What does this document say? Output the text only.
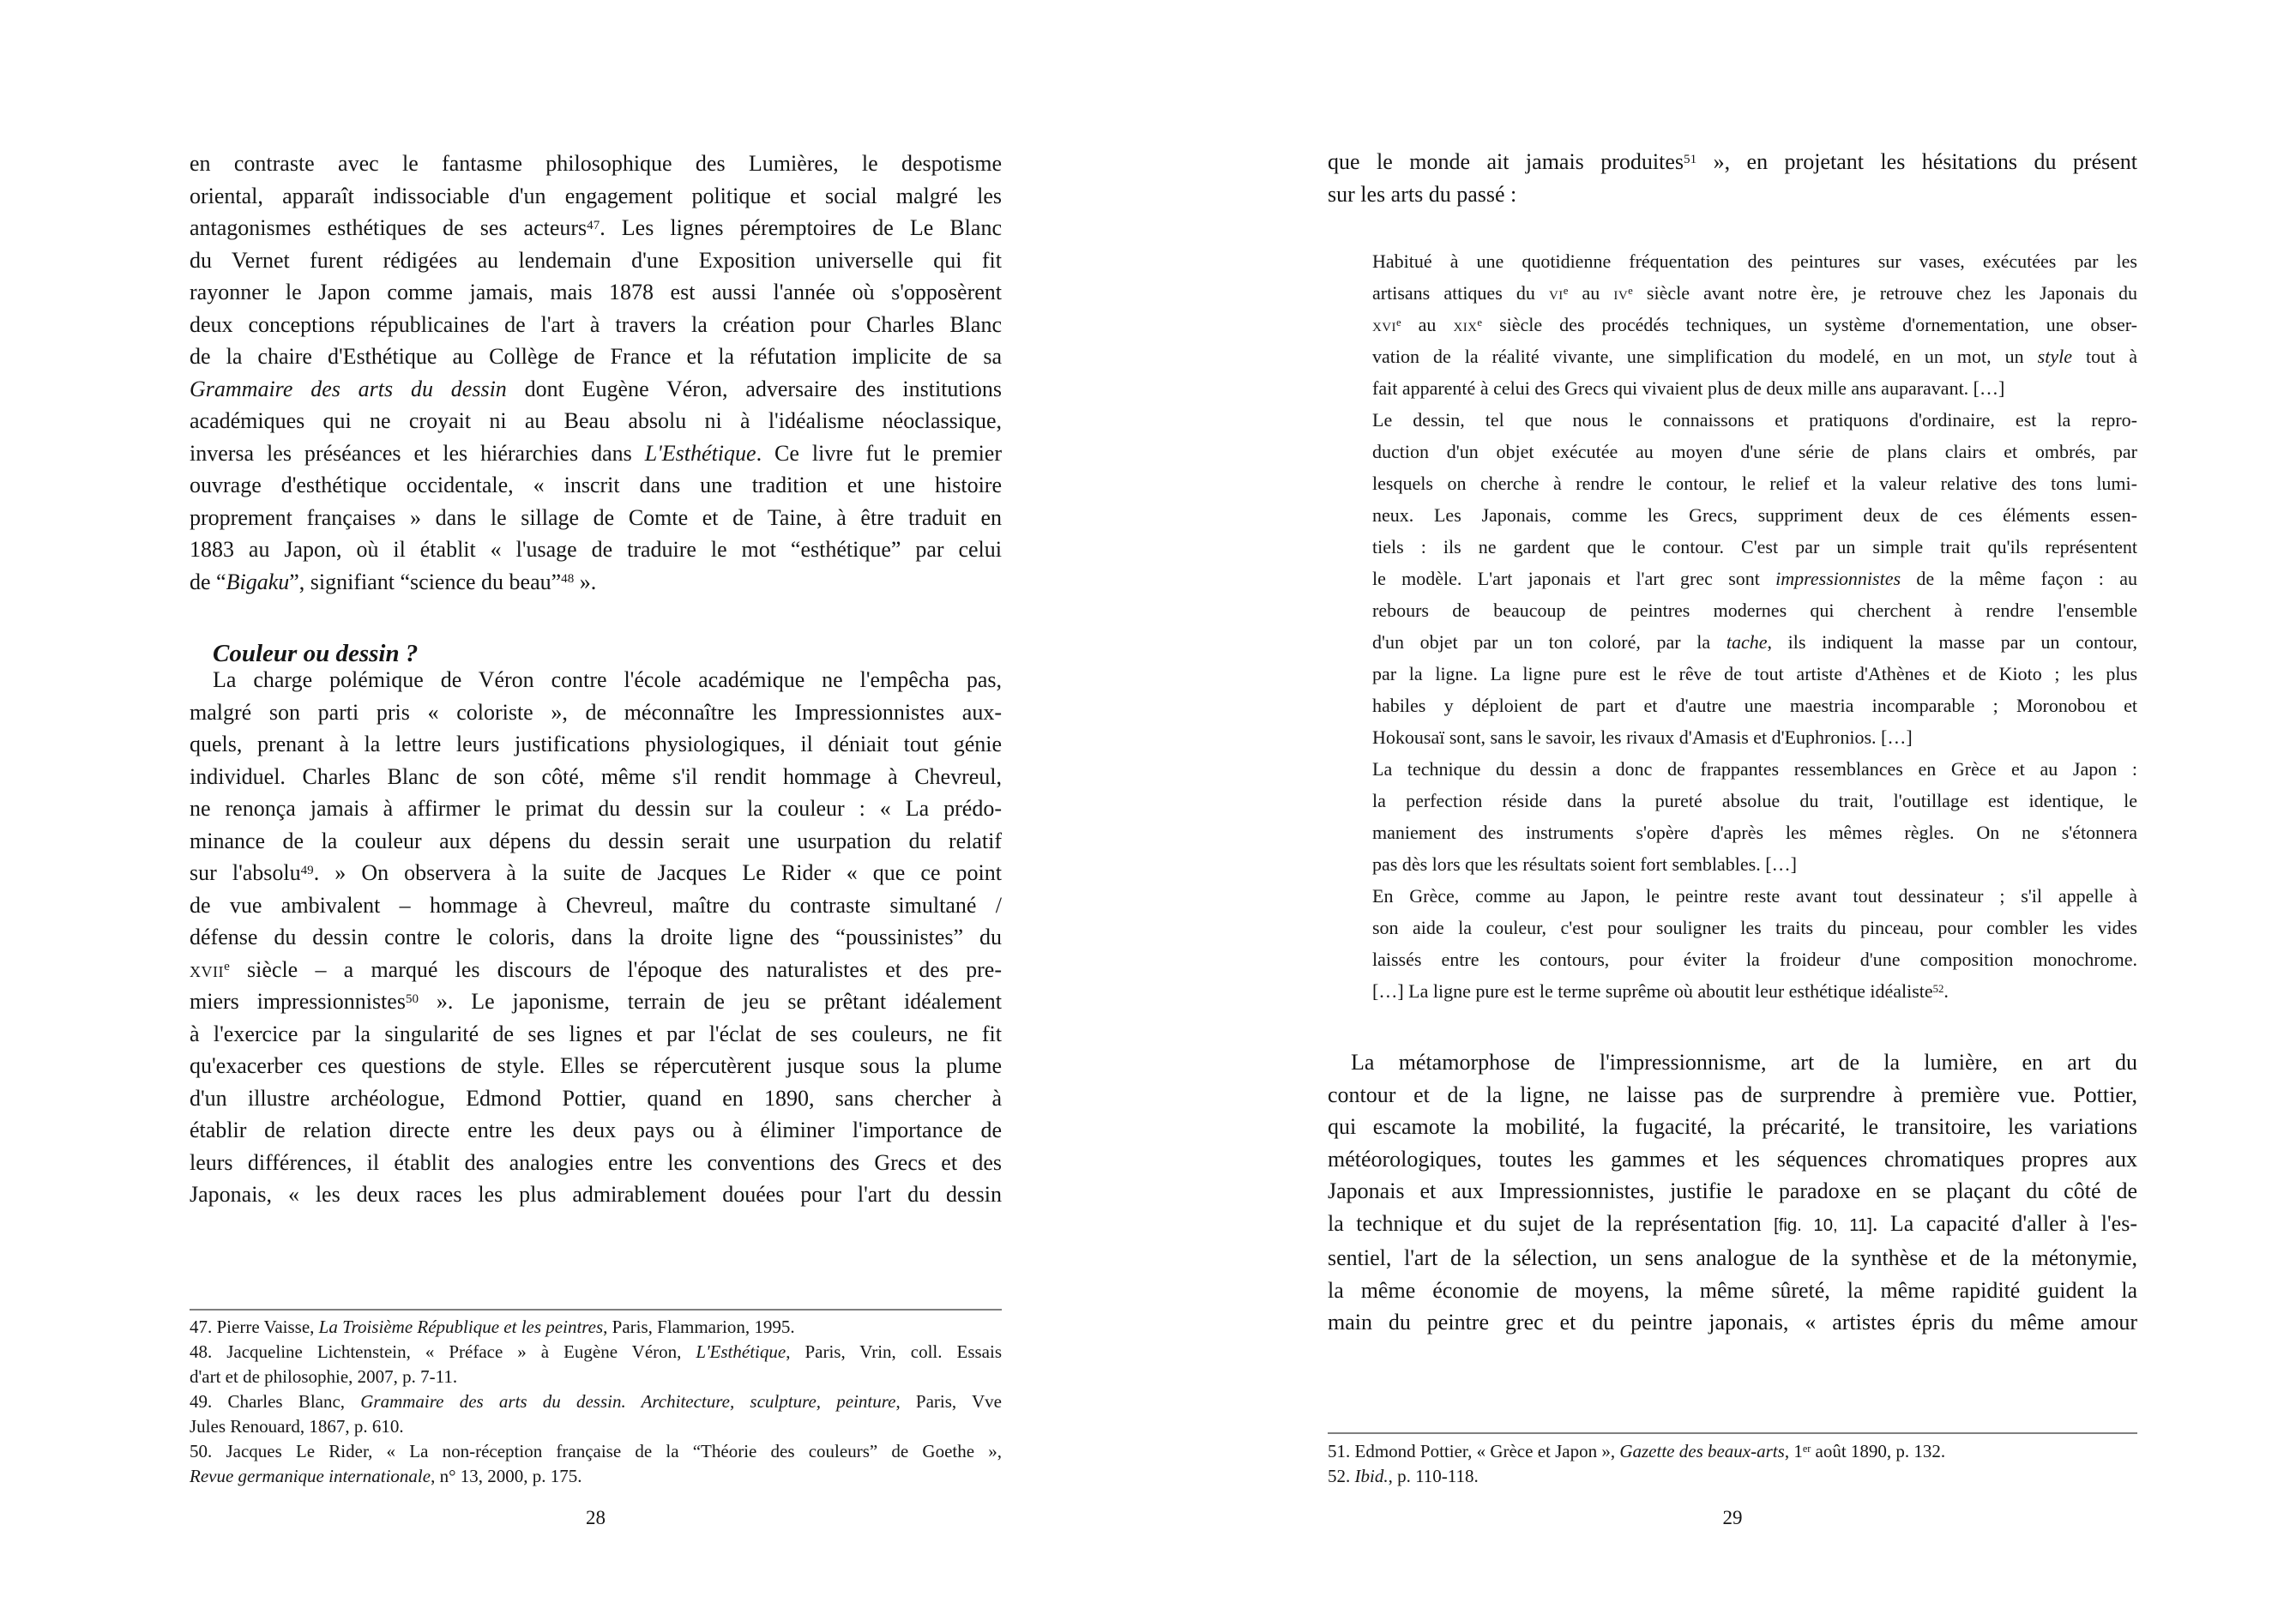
en contraste avec le fantasme philosophique des Lumières, le despotisme
oriental, apparaît indissociable d'un engagement politique et social malgré les
antagonismes esthétiques de ses acteurs$^{47}$. Les lignes péremptoires de Le Blanc
du Vernet furent rédigées au lendemain d'une Exposition universelle qui fit
rayonner le Japon comme jamais, mais 1878 est aussi l'année où s'opposèrent
deux conceptions républicaines de l'art à travers la création pour Charles Blanc
de la chaire d'Esthétique au Collège de France et la réfutation implicite de sa
Grammaire des arts du dessin dont Eugène Véron, adversaire des institutions
académiques qui ne croyait ni au Beau absolu ni à l'idéalisme néoclassique,
inversa les préséances et les hiérarchies dans L'Esthétique. Ce livre fut le premier
ouvrage d'esthétique occidentale, « inscrit dans une tradition et une histoire
proprement françaises » dans le sillage de Comte et de Taine, à être traduit en
1883 au Japon, où il établit « l'usage de traduire le mot “esthétique” par celui
de “Bigaku”, signifiant “science du beau”$^{48}$ ».
Couleur ou dessin ?
La charge polémique de Véron contre l'école académique ne l'empêcha pas,
malgré son parti pris « coloriste », de méconnaître les Impressionnistes aux-
quels, prenant à la lettre leurs justifications physiologiques, il déniait tout génie
individuel. Charles Blanc de son côté, même s'il rendit hommage à Chevreul,
ne renonça jamais à affirmer le primat du dessin sur la couleur : « La prédo-
minance de la couleur aux dépens du dessin serait une usurpation du relatif
sur l'absolu$^{49}$. » On observera à la suite de Jacques Le Rider « que ce point
de vue ambivalent – hommage à Chevreul, maître du contraste simultané /
défense du dessin contre le coloris, dans la droite ligne des “poussinistes” du
xvii$^e$ siècle – a marqué les discours de l'époque des naturalistes et des pre-
miers impressionnistes$^{50}$ ». Le japonisme, terrain de jeu se prêtant idéalement
à l'exercice par la singularité de ses lignes et par l'éclat de ses couleurs, ne fit
qu'exacerber ces questions de style. Elles se répercutèrent jusque sous la plume
d'un illustre archéologue, Edmond Pottier, quand en 1890, sans chercher à
établir de relation directe entre les deux pays ou à éliminer l'importance de
leurs différences, il établit des analogies entre les conventions des Grecs et des
Japonais, « les deux races les plus admirablement douées pour l'art du dessin
47. Pierre Vaisse, La Troisième République et les peintres, Paris, Flammarion, 1995.
48. Jacqueline Lichtenstein, « Préface » à Eugène Véron, L'Esthétique, Paris, Vrin, coll. Essais
d'art et de philosophie, 2007, p. 7-11.
49. Charles Blanc, Grammaire des arts du dessin. Architecture, sculpture, peinture, Paris, Vve
Jules Renouard, 1867, p. 610.
50. Jacques Le Rider, « La non-réception française de la “Théorie des couleurs” de Goethe »,
Revue germanique internationale, n° 13, 2000, p. 175.
28
que le monde ait jamais produites$^{51}$ », en projetant les hésitations du présent
sur les arts du passé :
Habitué à une quotidienne fréquentation des peintures sur vases, exécutées par les
artisans attiques du $vi^e$ au $iv^e$ siècle avant notre ère, je retrouve chez les Japonais du
xvi$^e$ au xix$^e$ siècle des procédés techniques, un système d'ornementation, une obser-
vation de la réalité vivante, une simplification du modelé, en un mot, un style tout à
fait apparenté à celui des Grecs qui vivaient plus de deux mille ans auparavant. […]
Le dessin, tel que nous le connaissons et pratiquons d'ordinaire, est la repro-
duction d'un objet exécutée au moyen d'une série de plans clairs et ombrés, par
lesquels on cherche à rendre le contour, le relief et la valeur relative des tons lumi-
neux. Les Japonais, comme les Grecs, suppriment deux de ces éléments essen-
tiels : ils ne gardent que le contour. C'est par un simple trait qu'ils représentent
le modèle. L'art japonais et l'art grec sont impressionnistes de la même façon : au
rebours de beaucoup de peintres modernes qui cherchent à rendre l'ensemble
d'un objet par un ton coloré, par la tache, ils indiquent la masse par un contour,
par la ligne. La ligne pure est le rêve de tout artiste d'Athènes et de Kioto ; les plus
habiles y déploient de part et d'autre une maestria incomparable ; Moronobou et
Hokousaï sont, sans le savoir, les rivaux d'Amasis et d'Euphronios. […]
La technique du dessin a donc de frappantes ressemblances en Grèce et au Japon :
la perfection réside dans la pureté absolue du trait, l'outillage est identique, le
maniement des instruments s'opère d'après les mêmes règles. On ne s'étonnera
pas dès lors que les résultats soient fort semblables. […]
En Grèce, comme au Japon, le peintre reste avant tout dessinateur ; s'il appelle à
son aide la couleur, c'est pour souligner les traits du pinceau, pour combler les vides
laissés entre les contours, pour éviter la froideur d'une composition monochrome.
[…] La ligne pure est le terme suprême où aboutit leur esthétique idéaliste$^{52}$.
La métamorphose de l'impressionnisme, art de la lumière, en art du
contour et de la ligne, ne laisse pas de surprendre à première vue. Pottier,
qui escamote la mobilité, la fugacité, la précarité, le transitoire, les variations
météorologiques, toutes les gammes et les séquences chromatiques propres aux
Japonais et aux Impressionnistes, justifie le paradoxe en se plaçant du côté de
la technique et du sujet de la représentation [fig. 10, 11]. La capacité d'aller à l'es-
sentiel, l'art de la sélection, un sens analogue de la synthèse et de la métonymie,
la même économie de moyens, la même sûreté, la même rapidité guident la
main du peintre grec et du peintre japonais, « artistes épris du même amour
51. Edmond Pottier, « Grèce et Japon », Gazette des beaux-arts, 1er août 1890, p. 132.
52. Ibid., p. 110-118.
29
